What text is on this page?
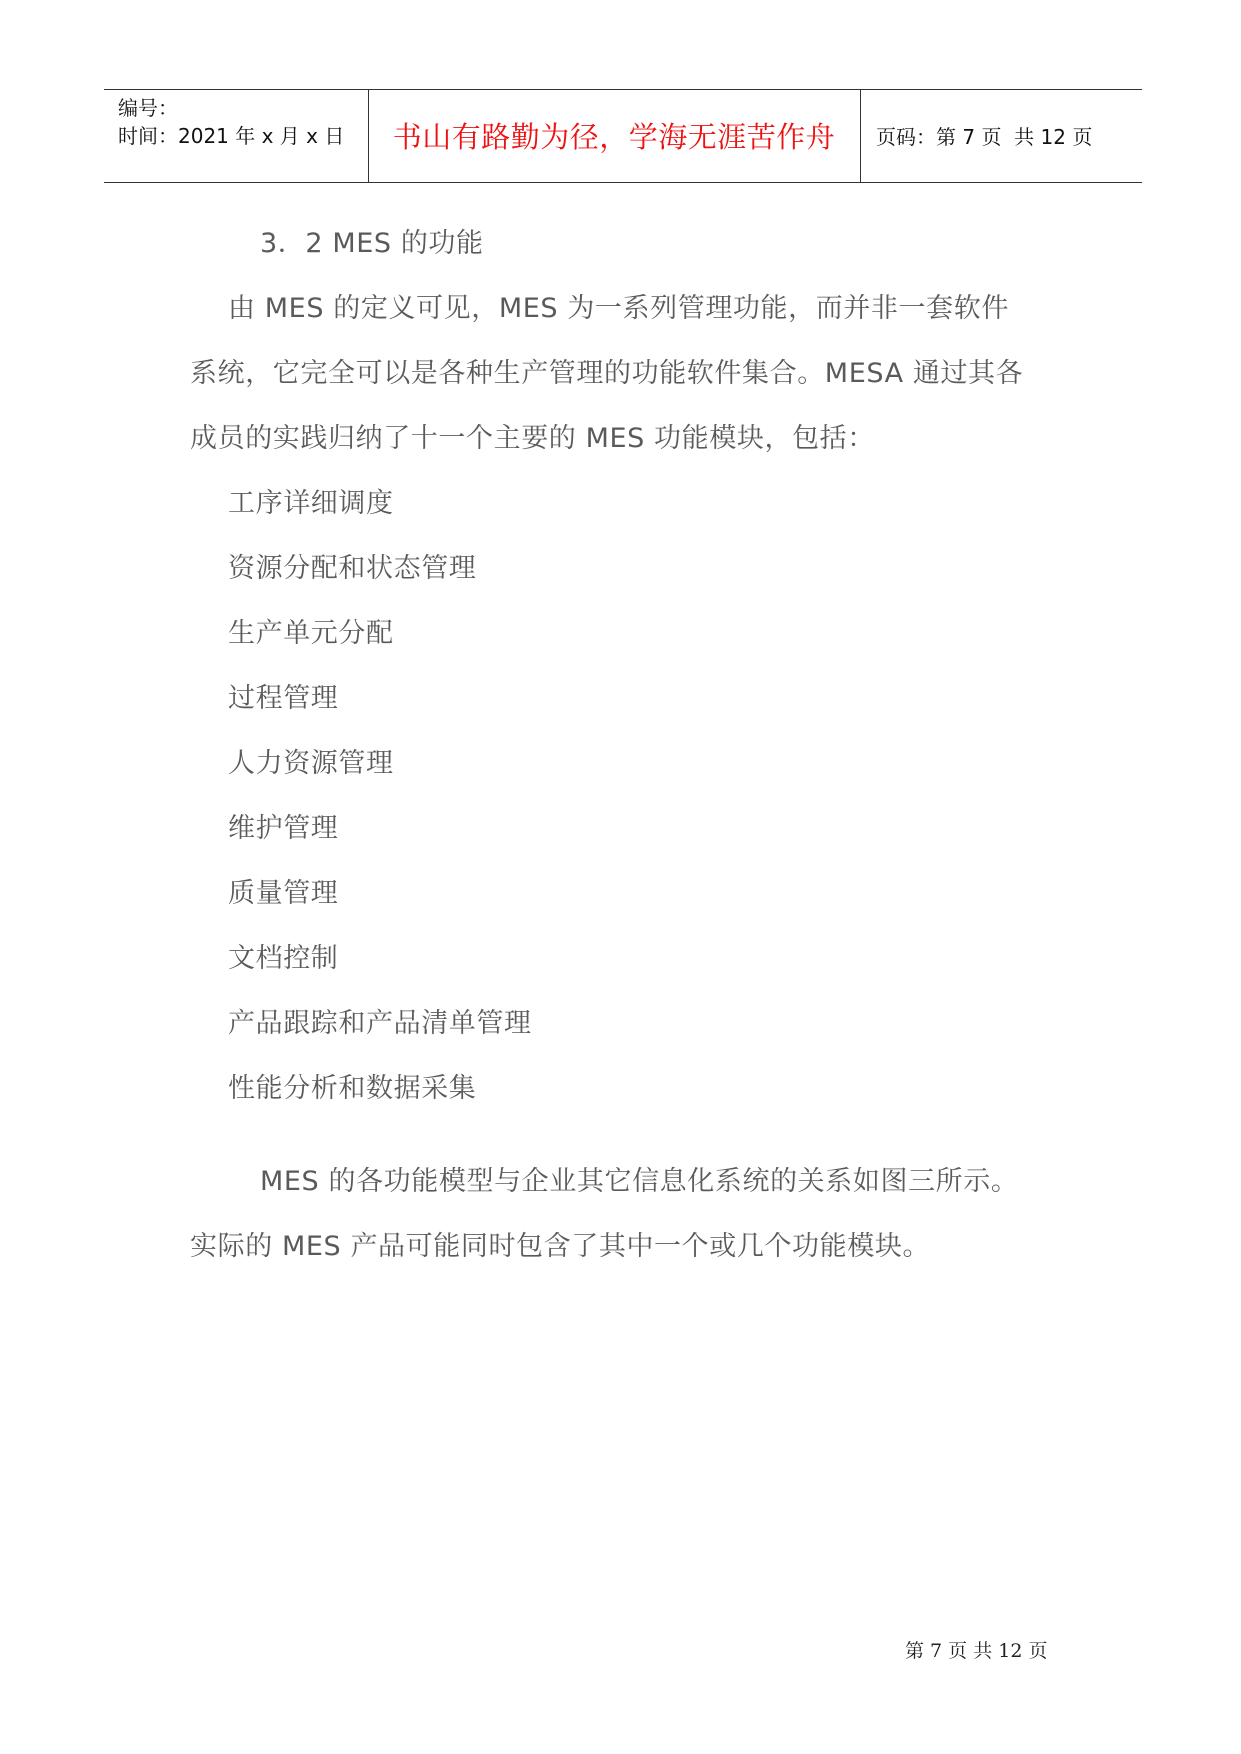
编号：
时间：2021 年 x 月 x 日	书山有路勤为径，学海无涯苦作舟	页码：第 7 页  共 12 页
3．2 MES 的功能
由 MES 的定义可见，MES 为一系列管理功能，而并非一套软件
系统，它完全可以是各种生产管理的功能软件集合。MESA 通过其各
成员的实践归纳了十一个主要的 MES 功能模块，包括：
工序详细调度
资源分配和状态管理
生产单元分配
过程管理
人力资源管理
维护管理
质量管理
文档控制
产品跟踪和产品清单管理
性能分析和数据采集
MES 的各功能模型与企业其它信息化系统的关系如图三所示。
实际的 MES 产品可能同时包含了其中一个或几个功能模块。
第 7 页 共 12 页
